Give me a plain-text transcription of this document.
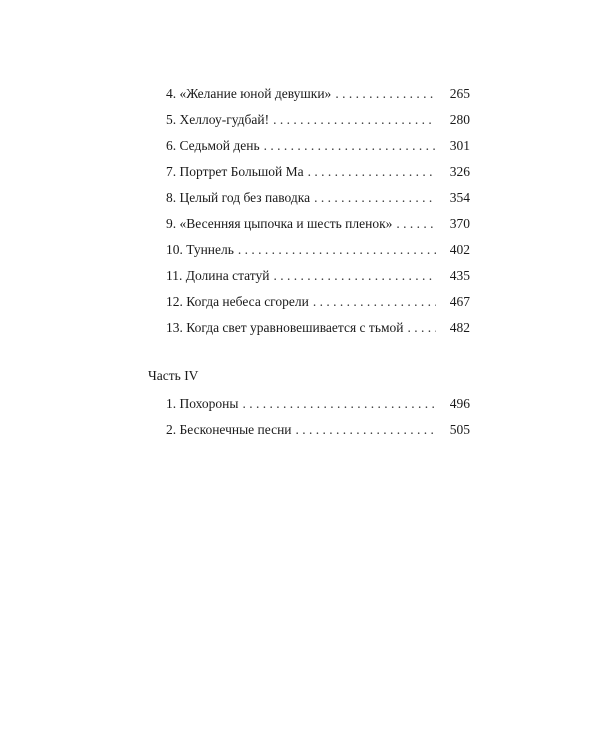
4. «Желание юной девушки» . . .	265
5. Хеллоу-гудбай! . . .	280
6. Седьмой день . . .	301
7. Портрет Большой Ма . . .	326
8. Целый год без паводка . . .	354
9. «Весенняя цыпочка и шесть пленок» . . .	370
10. Туннель . . .	402
11. Долина статуй . . .	435
12. Когда небеса сгорели . . .	467
13. Когда свет уравновешивается с тьмой . . .	482
Часть IV
1. Похороны . . .	496
2. Бесконечные песни . . .	505
